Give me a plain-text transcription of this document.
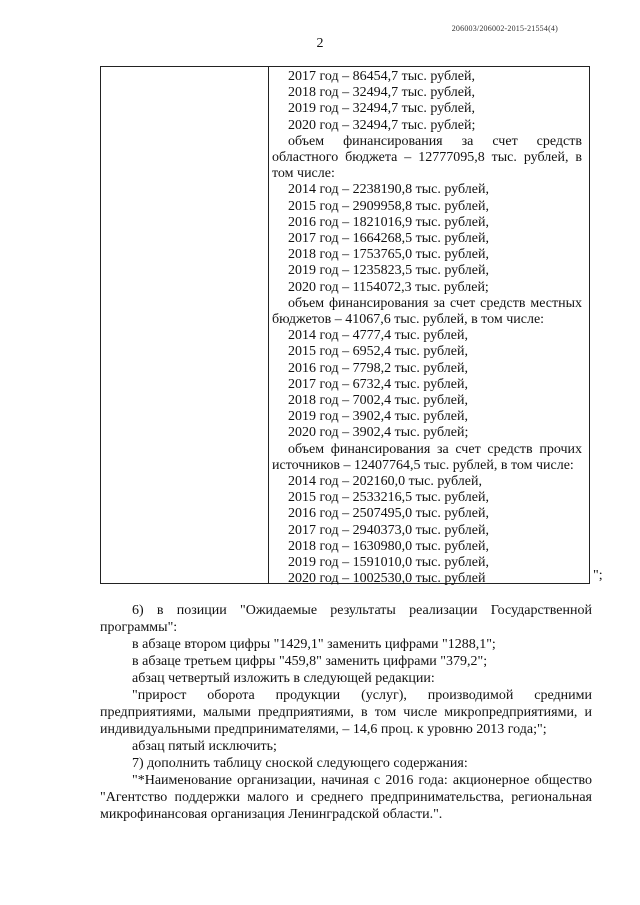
206003/206002-2015-21554(4)
2
2017 год – 86454,7 тыс. рублей,
2018 год – 32494,7 тыс. рублей,
2019 год – 32494,7 тыс. рублей,
2020 год – 32494,7 тыс. рублей;
объем финансирования за счет средств областного бюджета – 12777095,8 тыс. рублей, в том числе:
2014 год – 2238190,8 тыс. рублей,
2015 год – 2909958,8 тыс. рублей,
2016 год – 1821016,9 тыс. рублей,
2017 год – 1664268,5 тыс. рублей,
2018 год – 1753765,0 тыс. рублей,
2019 год – 1235823,5 тыс. рублей,
2020 год – 1154072,3 тыс. рублей;
объем финансирования за счет средств местных бюджетов – 41067,6 тыс. рублей, в том числе:
2014 год – 4777,4 тыс. рублей,
2015 год – 6952,4 тыс. рублей,
2016 год – 7798,2 тыс. рублей,
2017 год – 6732,4 тыс. рублей,
2018 год – 7002,4 тыс. рублей,
2019 год – 3902,4 тыс. рублей,
2020 год – 3902,4 тыс. рублей;
объем финансирования за счет средств прочих источников – 12407764,5 тыс. рублей, в том числе:
2014 год – 202160,0 тыс. рублей,
2015 год – 2533216,5 тыс. рублей,
2016 год – 2507495,0 тыс. рублей,
2017 год – 2940373,0 тыс. рублей,
2018 год – 1630980,0 тыс. рублей,
2019 год – 1591010,0 тыс. рублей,
2020 год – 1002530,0 тыс. рублей	";

6) в позиции "Ожидаемые результаты реализации Государственной программы":

в абзаце втором цифры "1429,1" заменить цифрами "1288,1";

в абзаце третьем цифры "459,8" заменить цифрами "379,2";

абзац четвертый изложить в следующей редакции:

"прирост оборота продукции (услуг), производимой средними предприятиями, малыми предприятиями, в том числе микропредприятиями, и индивидуальными предпринимателями, – 14,6 проц. к уровню 2013 года;";

абзац пятый исключить;

7) дополнить таблицу сноской следующего содержания:

"*Наименование организации, начиная с 2016 года: акционерное общество "Агентство поддержки малого и среднего предпринимательства, региональная микрофинансовая организация Ленинградской области.".
